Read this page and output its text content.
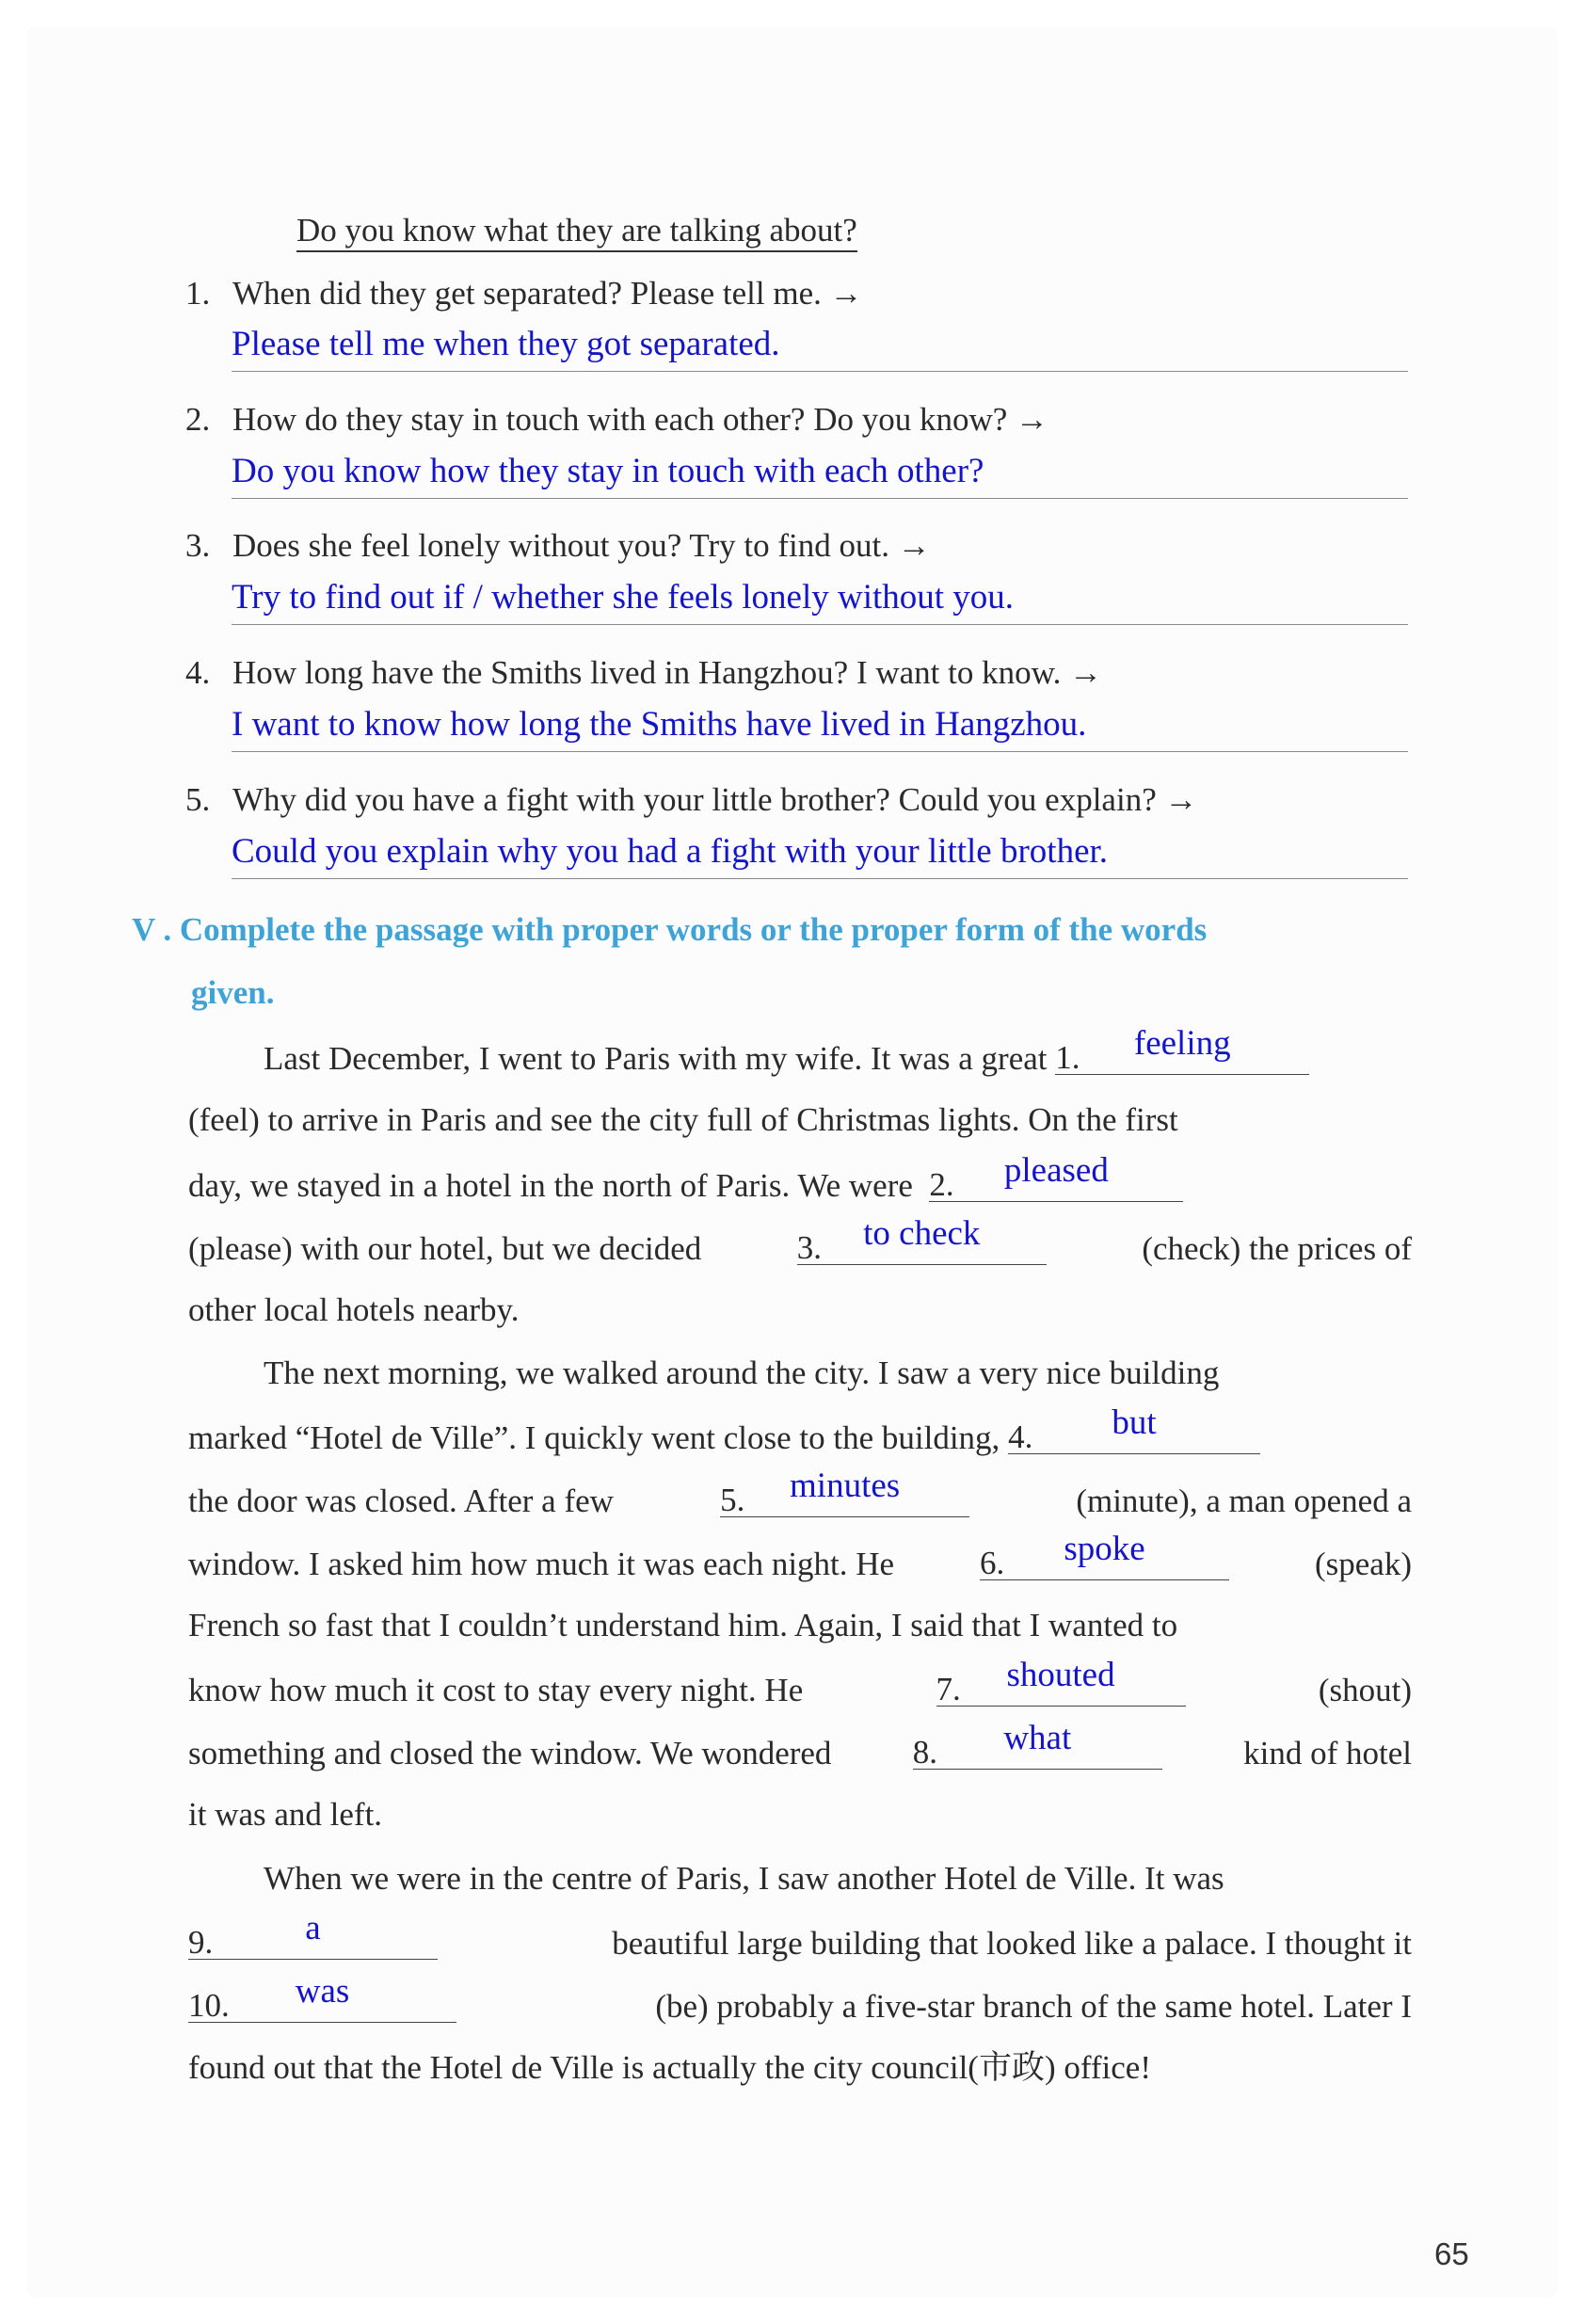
Do you know what they are talking about?
1. When did they get separated? Please tell me. →
Please tell me when they got separated.
2. How do they stay in touch with each other? Do you know? →
Do you know how they stay in touch with each other?
3. Does she feel lonely without you? Try to find out. →
Try to find out if / whether she feels lonely without you.
4. How long have the Smiths lived in Hangzhou? I want to know. →
I want to know how long the Smiths have lived in Hangzhou.
5. Why did you have a fight with your little brother? Could you explain? →
Could you explain why you had a fight with your little brother.
V . Complete the passage with proper words or the proper form of the words
given.
Last December, I went to Paris with my wife. It was a great
1.	feeling
(feel) to arrive in Paris and see the city full of Christmas lights. On the first
day, we stayed in a hotel in the north of Paris. We were
2.	pleased
(please) with our hotel, but we decided	3.	to check	(check) the prices of
other local hotels nearby.
The next morning, we walked around the city. I saw a very nice building
marked “Hotel de Ville”. I quickly went close to the building,
4.	but
the door was closed. After a few	5.	minutes	(minute), a man opened a
window. I asked him how much it was each night. He	6.	spoke	(speak)
French so fast that I couldn’t understand him. Again, I said that I wanted to
know how much it cost to stay every night. He	7.	shouted	(shout)
something and closed the window. We wondered 8.	what	kind of hotel
it was and left.
When we were in the centre of Paris, I saw another Hotel de Ville. It was
9.	a	beautiful large building that looked like a palace. I thought it
10.	was	(be) probably a five-star branch of the same hotel. Later I
found out that the Hotel de Ville is actually the city council(市政) office!
65
